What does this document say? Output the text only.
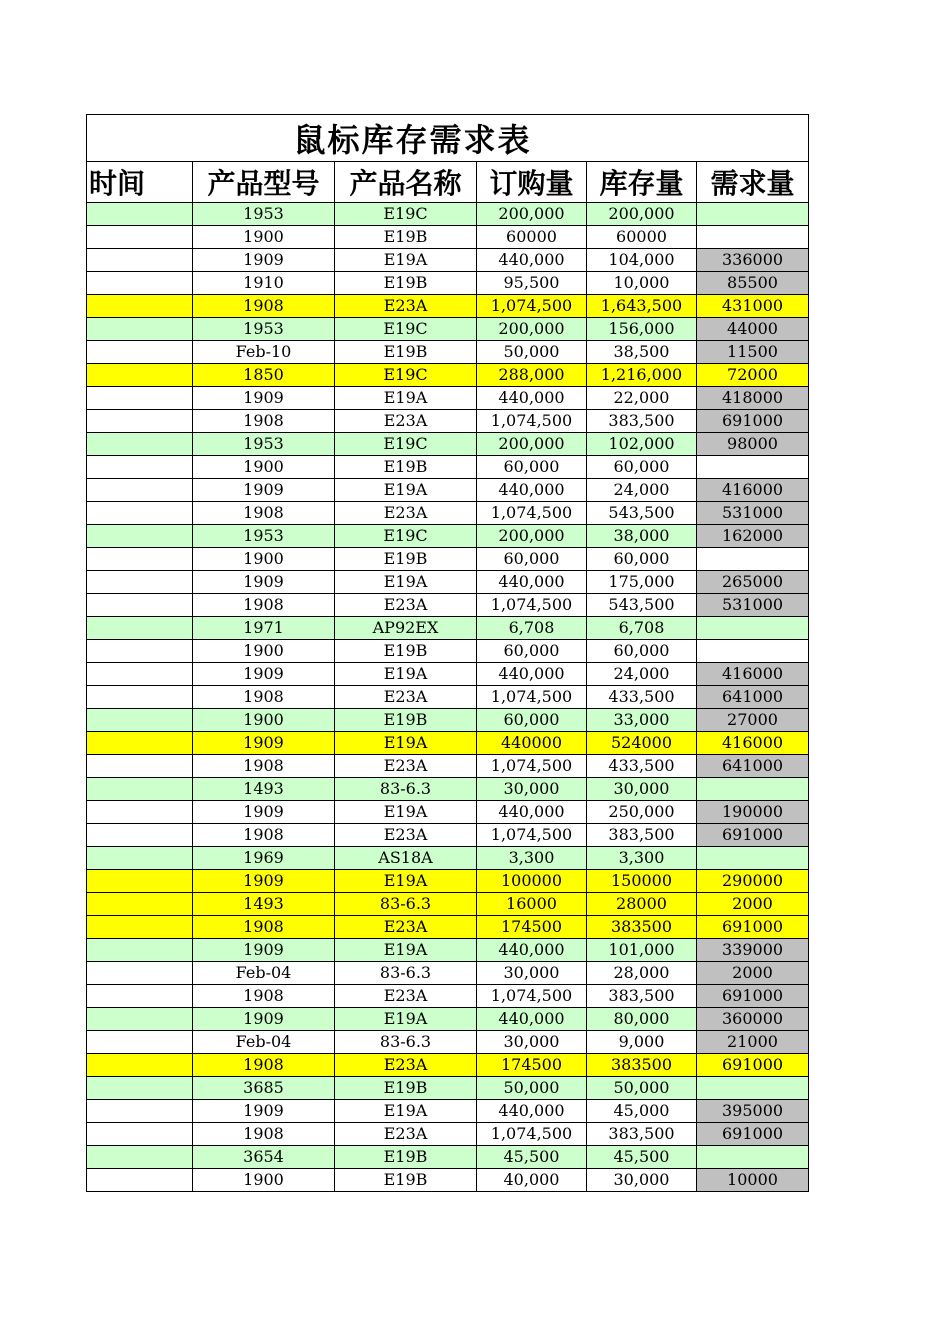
鼠标库存需求表					
时间	产品型号	产品名称	订购量	库存量	需求量
	1953	E19C	200,000	200,000	
	1900	E19B	60000	60000	
	1909	E19A	440,000	104,000	336000
	1910	E19B	95,500	10,000	85500
	1908	E23A	1,074,500	1,643,500	431000
	1953	E19C	200,000	156,000	44000
	Feb-10	E19B	50,000	38,500	11500
	1850	E19C	288,000	1,216,000	72000
	1909	E19A	440,000	22,000	418000
	1908	E23A	1,074,500	383,500	691000
	1953	E19C	200,000	102,000	98000
	1900	E19B	60,000	60,000	
	1909	E19A	440,000	24,000	416000
	1908	E23A	1,074,500	543,500	531000
	1953	E19C	200,000	38,000	162000
	1900	E19B	60,000	60,000	
	1909	E19A	440,000	175,000	265000
	1908	E23A	1,074,500	543,500	531000
	1971	AP92EX	6,708	6,708	
	1900	E19B	60,000	60,000	
	1909	E19A	440,000	24,000	416000
	1908	E23A	1,074,500	433,500	641000
	1900	E19B	60,000	33,000	27000
	1909	E19A	440000	524000	416000
	1908	E23A	1,074,500	433,500	641000
	1493	83-6.3	30,000	30,000	
	1909	E19A	440,000	250,000	190000
	1908	E23A	1,074,500	383,500	691000
	1969	AS18A	3,300	3,300	
	1909	E19A	100000	150000	290000
	1493	83-6.3	16000	28000	2000
	1908	E23A	174500	383500	691000
	1909	E19A	440,000	101,000	339000
	Feb-04	83-6.3	30,000	28,000	2000
	1908	E23A	1,074,500	383,500	691000
	1909	E19A	440,000	80,000	360000
	Feb-04	83-6.3	30,000	9,000	21000
	1908	E23A	174500	383500	691000
	3685	E19B	50,000	50,000	
	1909	E19A	440,000	45,000	395000
	1908	E23A	1,074,500	383,500	691000
	3654	E19B	45,500	45,500	
	1900	E19B	40,000	30,000	10000
